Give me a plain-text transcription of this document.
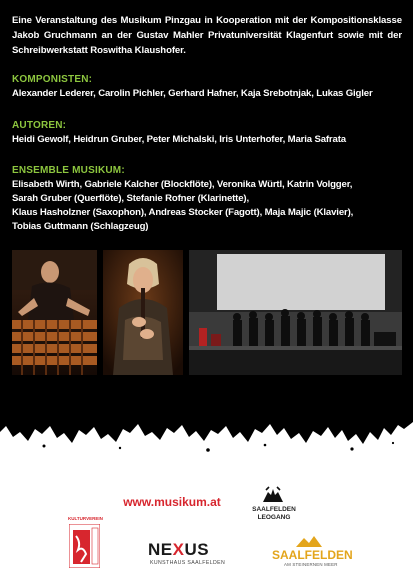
Eine Veranstaltung des Musikum Pinzgau in Kooperation mit der Kompositionsklasse Jakob Gruchmann an der Gustav Mahler Privatuniversität Klagenfurt sowie mit der Schreibwerkstatt Roswitha Klaushofer.

KOMPONISTEN:

Alexander Lederer, Carolin Pichler, Gerhard Hafner, Kaja Srebotnjak, Lukas Gigler

AUTOREN:

Heidi Gewolf, Heidrun Gruber, Peter Michalski, Iris Unterhofer, Maria Safrata

ENSEMBLE MUSIKUM:

Elisabeth Wirth, Gabriele Kalcher (Blockflöte), Veronika Würtl, Katrin Volgger,

Sarah Gruber (Querflöte), Stefanie Rofner (Klarinette),

Klaus Hasholzner (Saxophon), Andreas Stocker (Fagott), Maja Majic (Klavier),

Tobias Guttmann (Schlagzeug)

www.musikum.at

SAALFELDEN

LEOGANG

KULTURVEREIN

NEXUS

KUNSTHAUS SAALFELDEN

SAALFELDEN

AM STEINERNEN MEER
